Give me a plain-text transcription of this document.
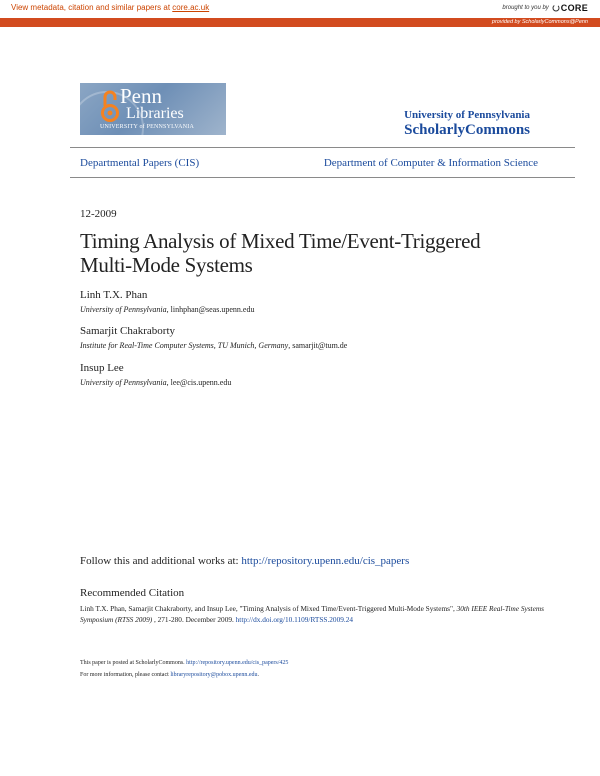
View metadata, citation and similar papers at core.ac.uk	brought to you by CORE
provided by ScholarlyCommons@Penn
Penn
Libraries
UNIVERSITY of PENNSYLVANIA
University of Pennsylvania
ScholarlyCommons
Departmental Papers (CIS)	Department of Computer & Information Science
12-2009
Timing Analysis of Mixed Time/Event-Triggered
Multi-Mode Systems
Linh T.X. Phan
University of Pennsylvania, linhphan@seas.upenn.edu
Samarjit Chakraborty
Institute for Real-Time Computer Systems, TU Munich, Germany, samarjit@tum.de
Insup Lee
University of Pennsylvania, lee@cis.upenn.edu
Follow this and additional works at: http://repository.upenn.edu/cis_papers
Recommended Citation
Linh T.X. Phan, Samarjit Chakraborty, and Insup Lee, "Timing Analysis of Mixed Time/Event-Triggered Multi-Mode Systems", 30th IEEE Real-Time Systems Symposium (RTSS 2009) , 271-280. December 2009. http://dx.doi.org/10.1109/RTSS.2009.24
This paper is posted at ScholarlyCommons. http://repository.upenn.edu/cis_papers/425
For more information, please contact libraryrepository@pobox.upenn.edu.
